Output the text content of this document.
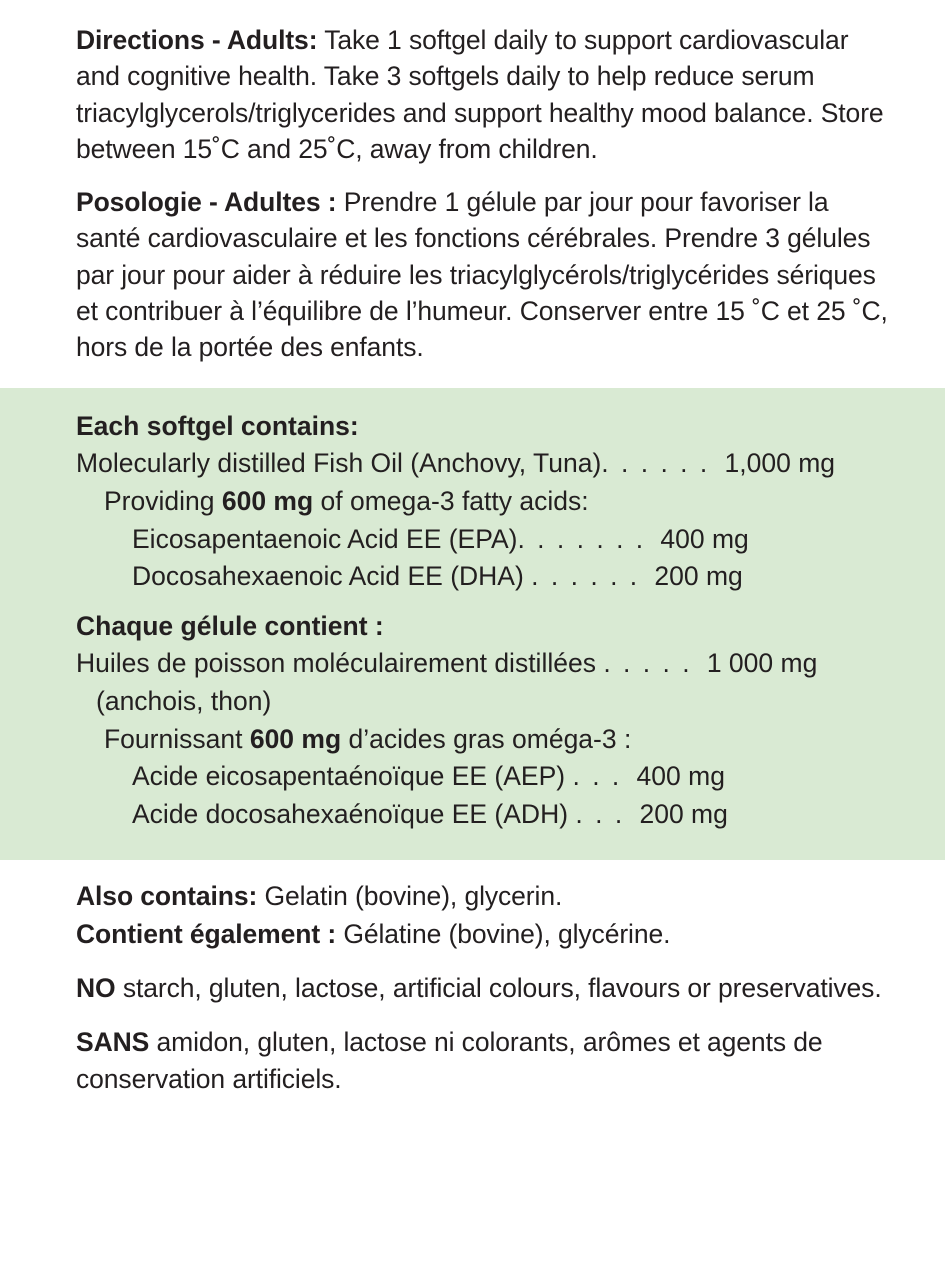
Directions - Adults: Take 1 softgel daily to support cardiovascular and cognitive health. Take 3 softgels daily to help reduce serum triacylglycerols/triglycerides and support healthy mood balance. Store between 15˚C and 25˚C, away from children.

Posologie - Adultes : Prendre 1 gélule par jour pour favoriser la santé cardiovasculaire et les fonctions cérébrales. Prendre 3 gélules par jour pour aider à réduire les triacylglycérols/triglycérides sériques et contribuer à l’équilibre de l’humeur. Conserver entre 15 ˚C et 25 ˚C, hors de la portée des enfants.

Each softgel contains:
Molecularly distilled Fish Oil (Anchovy, Tuna). . . . . . 1,000 mg
Providing 600 mg of omega-3 fatty acids:
Eicosapentaenoic Acid EE (EPA). . . . . . . 400 mg
Docosahexaenoic Acid EE (DHA) . . . . . . 200 mg
Chaque gélule contient :
Huiles de poisson moléculairement distillées . . . . . 1 000 mg
(anchois, thon)
Fournissant 600 mg d’acides gras oméga-3 :
Acide eicosapentaénoïque EE (AEP) . . . 400 mg
Acide docosahexaénoïque EE (ADH) . . . 200 mg

Also contains: Gelatin (bovine), glycerin.

Contient également : Gélatine (bovine), glycérine.

NO starch, gluten, lactose, artificial colours, flavours or preservatives.

SANS amidon, gluten, lactose ni colorants, arômes et agents de conservation artificiels.
